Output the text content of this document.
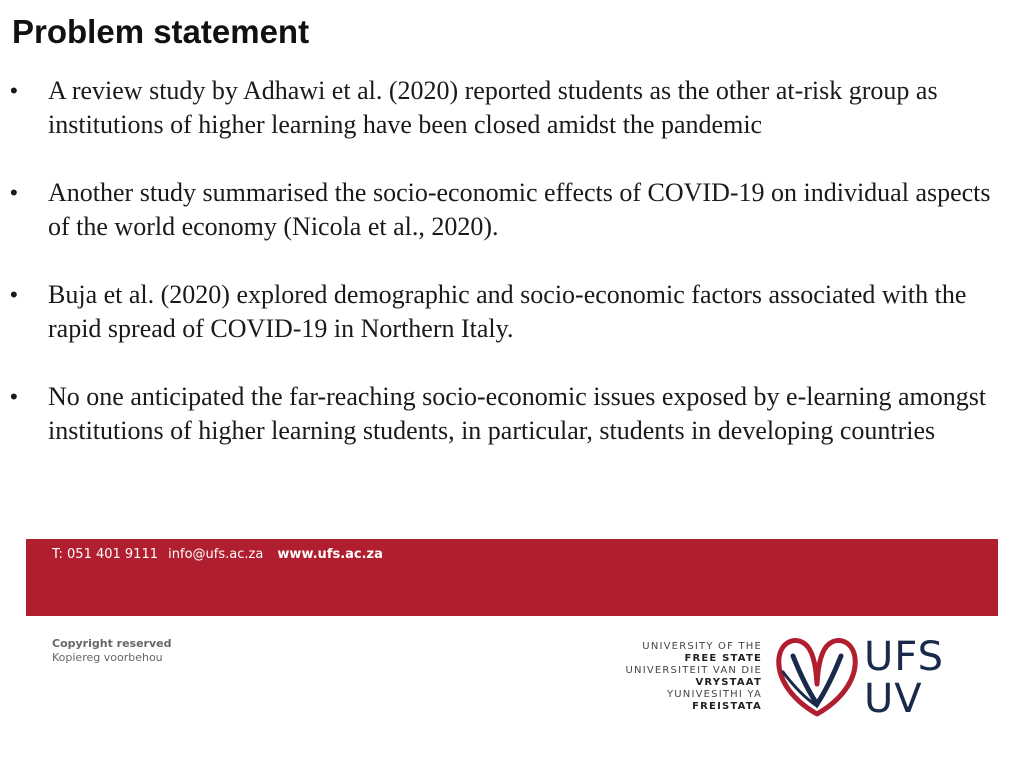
Problem statement
• A review study by Adhawi et al. (2020) reported students as the other at-risk group as institutions of higher learning have been closed amidst the pandemic
• Another study summarised the socio-economic effects of COVID-19 on individual aspects of the world economy (Nicola et al., 2020).
• Buja et al. (2020) explored demographic and socio-economic factors associated with the rapid spread of COVID-19 in Northern Italy.
• No one anticipated the far-reaching socio-economic issues exposed by e-learning amongst institutions of higher learning students, in particular, students in developing countries
T: 051 401 9111 info@ufs.ac.za www.ufs.ac.za
Copyright reserved
Kopiereg voorbehou
UNIVERSITY OF THE
FREE STATE
UNIVERSITEIT VAN DIE
VRYSTAAT
YUNIVESITHI YA
FREISTATA
UFS
UV
